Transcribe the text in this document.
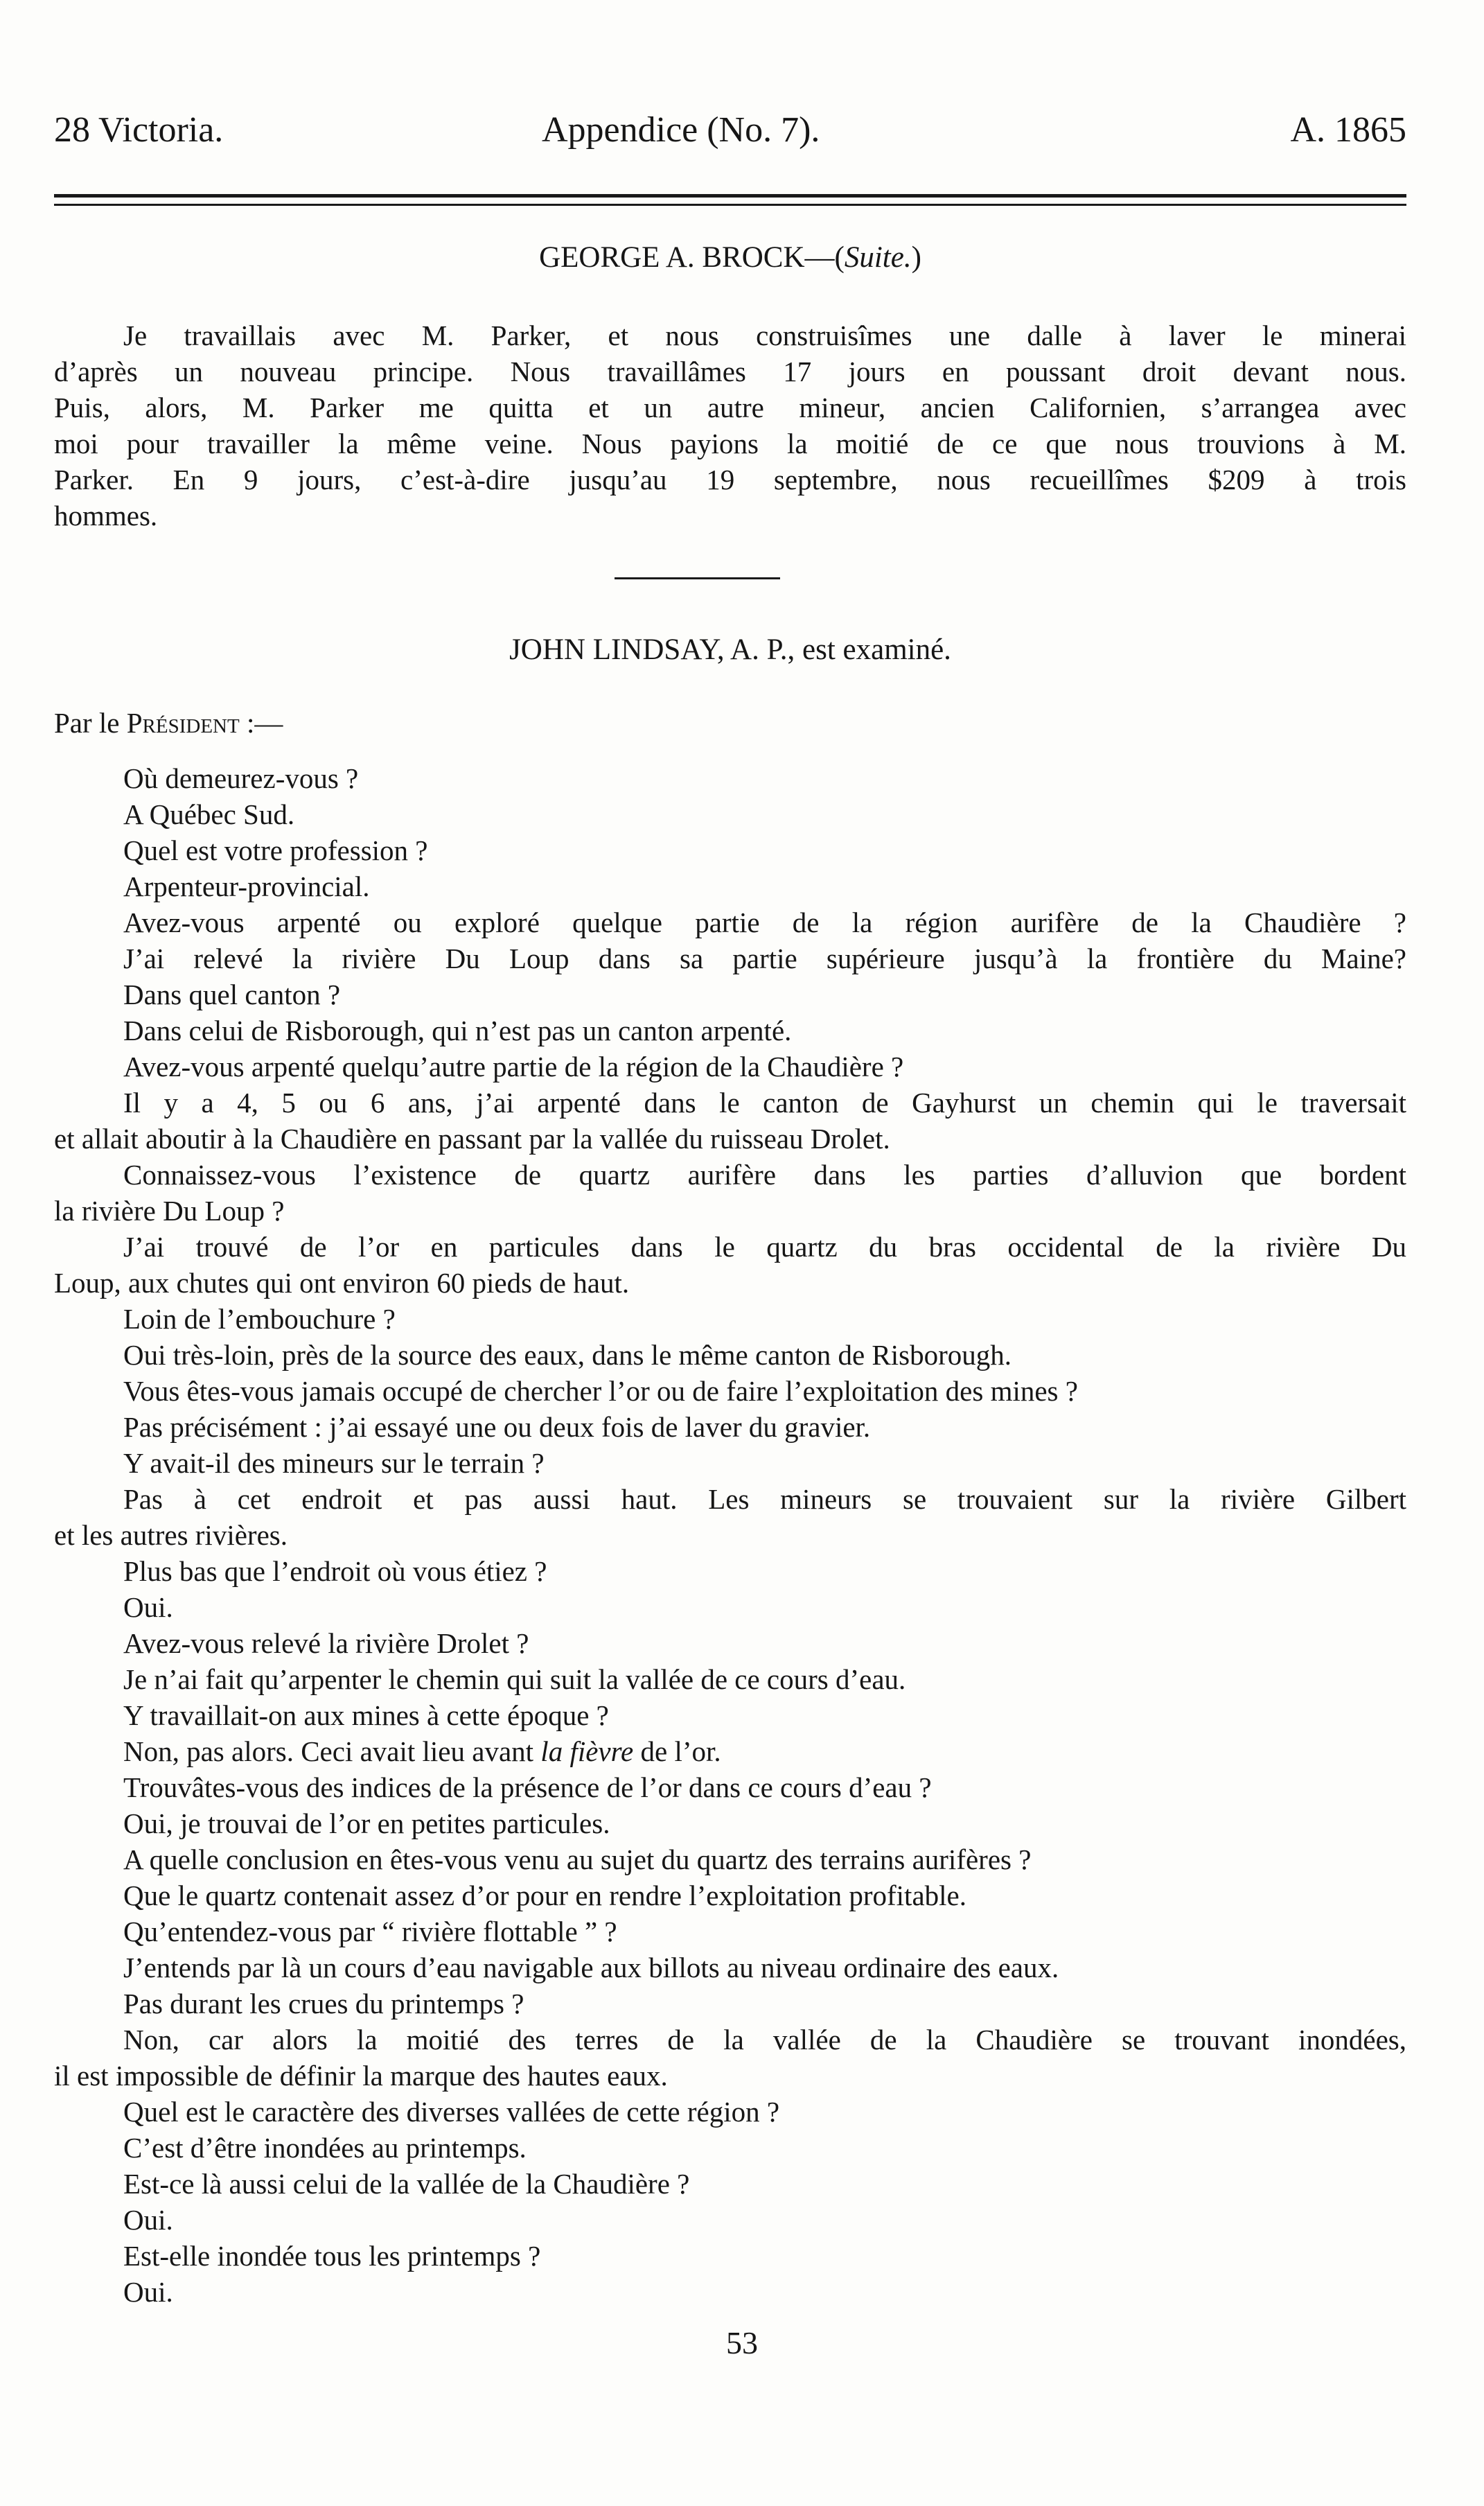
28 Victoria.	Appendice (No. 7).	A. 1865
GEORGE A. BROCK—(Suite.)
Je travaillais avec M. Parker, et nous construisîmes une dalle à laver le minerai
d’après un nouveau principe. Nous travaillâmes 17 jours en poussant droit devant nous.
Puis, alors, M. Parker me quitta et un autre mineur, ancien Californien, s’arrangea avec
moi pour travailler la même veine. Nous payions la moitié de ce que nous trouvions à M.
Parker. En 9 jours, c’est-à-dire jusqu’au 19 septembre, nous recueillîmes $209 à trois
hommes.
JOHN LINDSAY, A. P., est examiné.
Par le Président :—
Où demeurez-vous ?
A Québec Sud.
Quel est votre profession ?
Arpenteur-provincial.
Avez-vous arpenté ou exploré quelque partie de la région aurifère de la Chaudière ?
J’ai relevé la rivière Du Loup dans sa partie supérieure jusqu’à la frontière du Maine?
Dans quel canton ?
Dans celui de Risborough, qui n’est pas un canton arpenté.
Avez-vous arpenté quelqu’autre partie de la région de la Chaudière ?
Il y a 4, 5 ou 6 ans, j’ai arpenté dans le canton de Gayhurst un chemin qui le traversait
et allait aboutir à la Chaudière en passant par la vallée du ruisseau Drolet.
Connaissez-vous l’existence de quartz aurifère dans les parties d’alluvion que bordent
la rivière Du Loup ?
J’ai trouvé de l’or en particules dans le quartz du bras occidental de la rivière Du
Loup, aux chutes qui ont environ 60 pieds de haut.
Loin de l’embouchure ?
Oui très-loin, près de la source des eaux, dans le même canton de Risborough.
Vous êtes-vous jamais occupé de chercher l’or ou de faire l’exploitation des mines ?
Pas précisément : j’ai essayé une ou deux fois de laver du gravier.
Y avait-il des mineurs sur le terrain ?
Pas à cet endroit et pas aussi haut. Les mineurs se trouvaient sur la rivière Gilbert
et les autres rivières.
Plus bas que l’endroit où vous étiez ?
Oui.
Avez-vous relevé la rivière Drolet ?
Je n’ai fait qu’arpenter le chemin qui suit la vallée de ce cours d’eau.
Y travaillait-on aux mines à cette époque ?
Non, pas alors. Ceci avait lieu avant la fièvre de l’or.
Trouvâtes-vous des indices de la présence de l’or dans ce cours d’eau ?
Oui, je trouvai de l’or en petites particules.
A quelle conclusion en êtes-vous venu au sujet du quartz des terrains aurifères ?
Que le quartz contenait assez d’or pour en rendre l’exploitation profitable.
Qu’entendez-vous par “ rivière flottable ” ?
J’entends par là un cours d’eau navigable aux billots au niveau ordinaire des eaux.
Pas durant les crues du printemps ?
Non, car alors la moitié des terres de la vallée de la Chaudière se trouvant inondées,
il est impossible de définir la marque des hautes eaux.
Quel est le caractère des diverses vallées de cette région ?
C’est d’être inondées au printemps.
Est-ce là aussi celui de la vallée de la Chaudière ?
Oui.
Est-elle inondée tous les printemps ?
Oui.
53
